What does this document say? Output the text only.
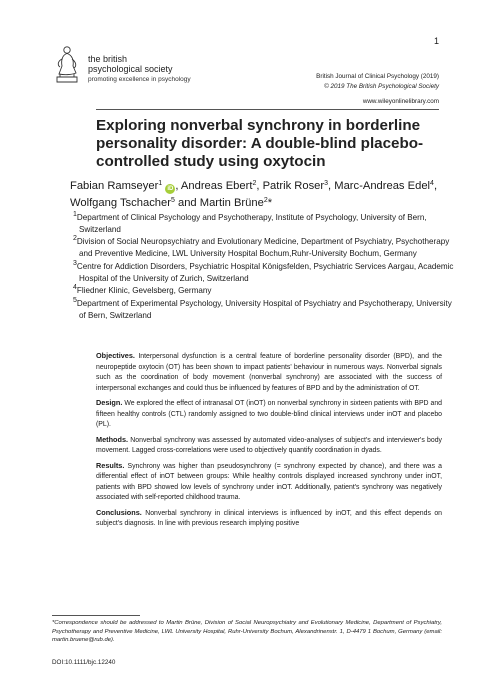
1
the british
psychological society
promoting excellence in psychology	British Journal of Clinical Psychology (2019)
© 2019 The British Psychological Society
www.wileyonlinelibrary.com
Exploring nonverbal synchrony in borderline personality disorder: A double-blind placebo-controlled study using oxytocin
Fabian Ramseyer$^1$ iD , Andreas Ebert$^2$, Patrik Roser$^3$, Marc-Andreas Edel$^4$, Wolfgang Tschacher$^5$ and Martin Brüne$^2$*
$^1$Department of Clinical Psychology and Psychotherapy, Institute of Psychology, University of Bern, Switzerland
$^2$Division of Social Neuropsychiatry and Evolutionary Medicine, Department of Psychiatry, Psychotherapy and Preventive Medicine, LWL University Hospital Bochum,Ruhr-University Bochum, Germany
$^3$Centre for Addiction Disorders, Psychiatric Hospital Königsfelden, Psychiatric Services Aargau, Academic Hospital of the University of Zurich, Switzerland
$^4$Fliedner Klinic, Gevelsberg, Germany
$^5$Department of Experimental Psychology, University Hospital of Psychiatry and Psychotherapy, University of Bern, Switzerland

Objectives. Interpersonal dysfunction is a central feature of borderline personality disorder (BPD), and the neuropeptide oxytocin (OT) has been shown to impact patients' behaviour in numerous ways. Nonverbal signals such as the coordination of body movement (nonverbal synchrony) are associated with the success of interpersonal exchanges and could thus be influenced by features of BPD and by the administration of OT.

Design. We explored the effect of intranasal OT (inOT) on nonverbal synchrony in sixteen patients with BPD and fifteen healthy controls (CTL) randomly assigned to two double-blind clinical interviews under inOT and placebo (PL).

Methods. Nonverbal synchrony was assessed by automated video-analyses of subject's and interviewer's body movement. Lagged cross-correlations were used to objectively quantify coordination in dyads.

Results. Synchrony was higher than pseudosynchrony (= synchrony expected by chance), and there was a differential effect of inOT between groups: While healthy controls displayed increased synchrony under inOT, patients with BPD showed low levels of synchrony under inOT. Additionally, patient's synchrony was negatively associated with self-reported childhood trauma.

Conclusions. Nonverbal synchrony in clinical interviews is influenced by inOT, and this effect depends on subject's diagnosis. In line with previous research implying positive

*Correspondence should be addressed to Martin Brüne, Division of Social Neuropsychiatry and Evolutionary Medicine, Department of Psychiatry, Psychotherapy and Preventive Medicine, LWL University Hospital, Ruhr-University Bochum, Alexandrinenstr. 1, D-4479 1 Bochum, Germany (email: martin.bruene@rub.de).
DOI:10.1111/bjc.12240
